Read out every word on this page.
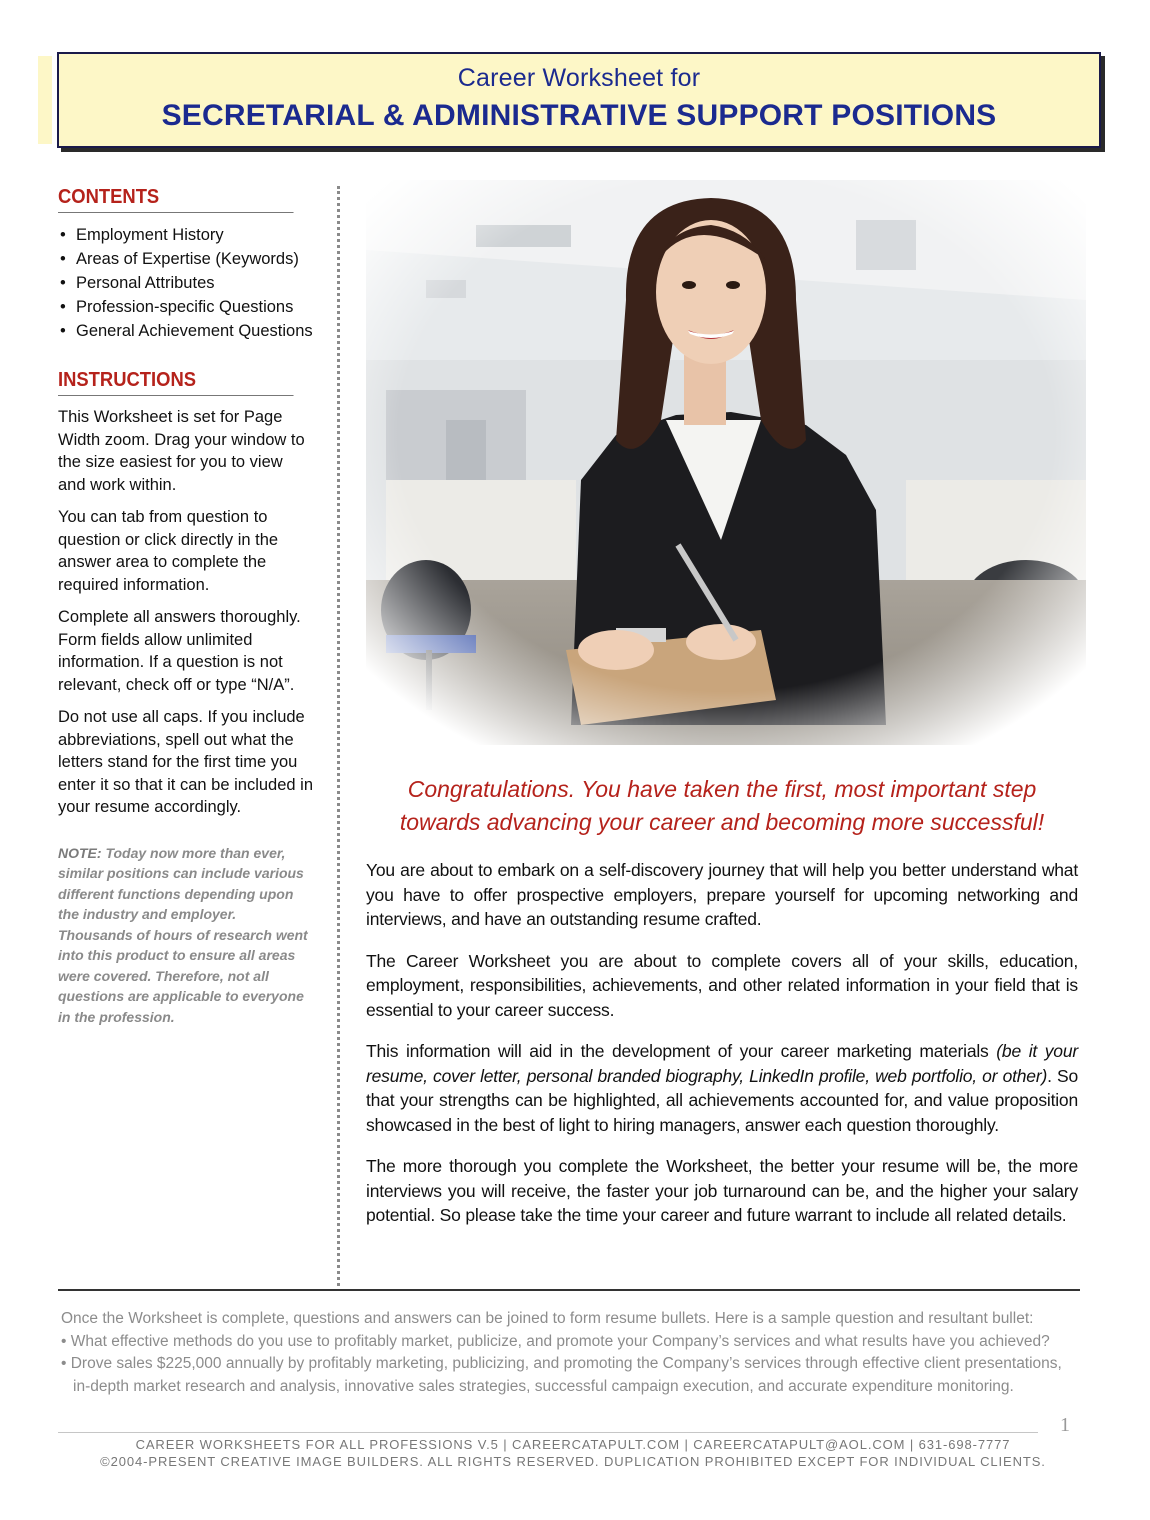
Career Worksheet for
SECRETARIAL & ADMINISTRATIVE SUPPORT POSITIONS
CONTENTS
• Employment History
• Areas of Expertise (Keywords)
• Personal Attributes
• Profession-specific Questions
• General Achievement Questions
INSTRUCTIONS

This Worksheet is set for Page Width zoom. Drag your window to the size easiest for you to view and work within.

You can tab from question to question or click directly in the answer area to complete the required information.

Complete all answers thoroughly. Form fields allow unlimited information. If a question is not relevant, check off or type “N/A”.

Do not use all caps. If you include abbreviations, spell out what the letters stand for the first time you enter it so that it can be included in your resume accordingly.

NOTE: Today now more than ever, similar positions can include various different functions depending upon the industry and employer. Thousands of hours of research went into this product to ensure all areas were covered. Therefore, not all questions are applicable to everyone in the profession.
Congratulations. You have taken the first, most important step
towards advancing your career and becoming more successful!

You are about to embark on a self-discovery journey that will help you better understand what you have to offer prospective employers, prepare yourself for upcoming networking and interviews, and have an outstanding resume crafted.

The Career Worksheet you are about to complete covers all of your skills, education, employment, responsibilities, achievements, and other related information in your field that is essential to your career success.

This information will aid in the development of your career marketing materials (be it your resume, cover letter, personal branded biography, LinkedIn profile, web portfolio, or other). So that your strengths can be highlighted, all achievements accounted for, and value proposition showcased in the best of light to hiring managers, answer each question thoroughly.

The more thorough you complete the Worksheet, the better your resume will be, the more interviews you will receive, the faster your job turnaround can be, and the higher your salary potential. So please take the time your career and future warrant to include all related details.

Once the Worksheet is complete, questions and answers can be joined to form resume bullets. Here is a sample question and resultant bullet:
• What effective methods do you use to profitably market, publicize, and promote your Company’s services and what results have you achieved?
• Drove sales $225,000 annually by profitably marketing, publicizing, and promoting the Company’s services through effective client presentations,
in-depth market research and analysis, innovative sales strategies, successful campaign execution, and accurate expenditure monitoring.
1
CAREER WORKSHEETS FOR ALL PROFESSIONS V.5 | CAREERCATAPULT.COM | CAREERCATAPULT@AOL.COM | 631-698-7777
©2004-PRESENT CREATIVE IMAGE BUILDERS. ALL RIGHTS RESERVED. DUPLICATION PROHIBITED EXCEPT FOR INDIVIDUAL CLIENTS.
